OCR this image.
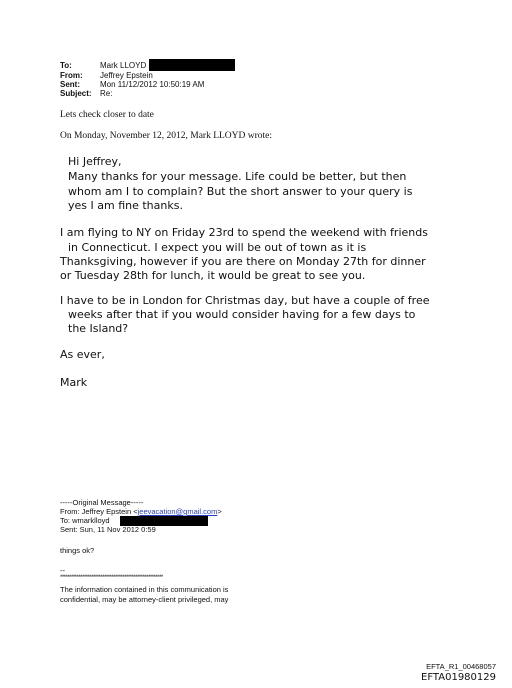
To:	Mark LLOYD
From: Jeffrey Epstein
Sent:	Mon 11/12/2012 10:50:19 AM
Subject: Re:
Lets check closer to date
On Monday, November 12, 2012, Mark LLOYD wrote:
Hi Jeffrey,
Many thanks for your message. Life could be better, but then
whom am I to complain? But the short answer to your query is
yes I am fine thanks.
I am flying to NY on Friday 23rd to spend the weekend with friends
in Connecticut. I expect you will be out of town as it is
Thanksgiving, however if you are there on Monday 27th for dinner
or Tuesday 28th for lunch, it would be great to see you.
I have to be in London for Christmas day, but have a couple of free
weeks after that if you would consider having for a few days to
the Island?
As ever,
Mark
-----Original Message-----
From: Jeffrey Epstein <jeevacation@gmail.com>
To: wmarklloyd
Sent: Sun, 11 Nov 2012 0:59
things ok?
--
********************************************************
The information contained in this communication is
confidential, may be attorney-client privileged, may
EFTA_R1_00468057
EFTA01980129
